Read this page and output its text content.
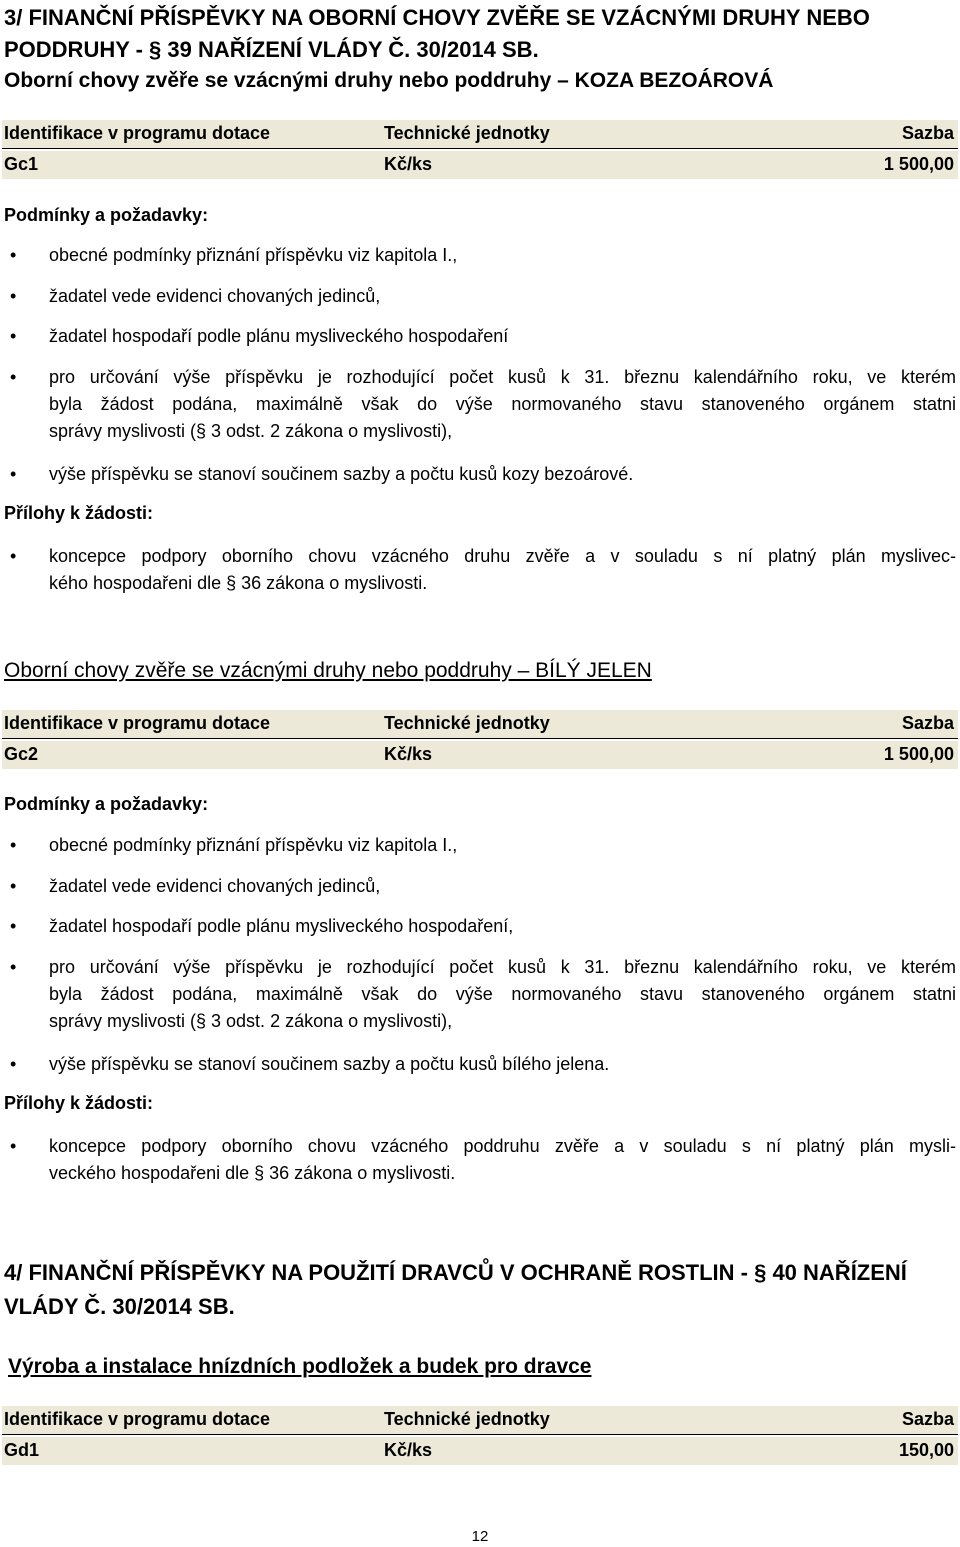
3/ FINANČNÍ PŘÍSPĚVKY NA OBORNÍ CHOVY ZVĚŘE SE VZÁCNÝMI DRUHY NEBO
PODDRUHY - § 39 NAŘÍZENÍ VLÁDY Č. 30/2014 SB.
Oborní chovy zvěře se vzácnými druhy nebo poddruhy – KOZA BEZOÁROVÁ
Identifikace v programu dotace	Technické jednotky	Sazba
Gc1	Kč/ks	1 500,00
Podmínky a požadavky:
• obecné podmínky přiznání příspěvku viz kapitola I.,
• žadatel vede evidenci chovaných jedinců,
• žadatel hospodaří podle plánu mysliveckého hospodaření
• pro určování výše příspěvku je rozhodující počet kusů k 31. březnu kalendářního roku, ve kterém
byla žádost podána, maximálně však do výše normovaného stavu stanoveného orgánem statni
správy myslivosti (§ 3 odst. 2 zákona o myslivosti),
• výše příspěvku se stanoví součinem sazby a počtu kusů kozy bezoárové.
Přílohy k žádosti:
• koncepce podpory oborního chovu vzácného druhu zvěře a v souladu s ní platný plán myslivec-
kého hospodařeni dle § 36 zákona o myslivosti.
Oborní chovy zvěře se vzácnými druhy nebo poddruhy – BÍLÝ JELEN
Identifikace v programu dotace	Technické jednotky	Sazba
Gc2	Kč/ks	1 500,00
Podmínky a požadavky:
• obecné podmínky přiznání příspěvku viz kapitola I.,
• žadatel vede evidenci chovaných jedinců,
• žadatel hospodaří podle plánu mysliveckého hospodaření,
• pro určování výše příspěvku je rozhodující počet kusů k 31. březnu kalendářního roku, ve kterém
byla žádost podána, maximálně však do výše normovaného stavu stanoveného orgánem statni
správy myslivosti (§ 3 odst. 2 zákona o myslivosti),
• výše příspěvku se stanoví součinem sazby a počtu kusů bílého jelena.
Přílohy k žádosti:
• koncepce podpory oborního chovu vzácného poddruhu zvěře a v souladu s ní platný plán mysli-
veckého hospodařeni dle § 36 zákona o myslivosti.
4/ FINANČNÍ PŘÍSPĚVKY NA POUŽITÍ DRAVCŮ V OCHRANĚ ROSTLIN - § 40 NAŘÍZENÍ
VLÁDY Č. 30/2014 SB.
Výroba a instalace hnízdních podložek a budek pro dravce
Identifikace v programu dotace	Technické jednotky	Sazba
Gd1	Kč/ks	150,00
12
